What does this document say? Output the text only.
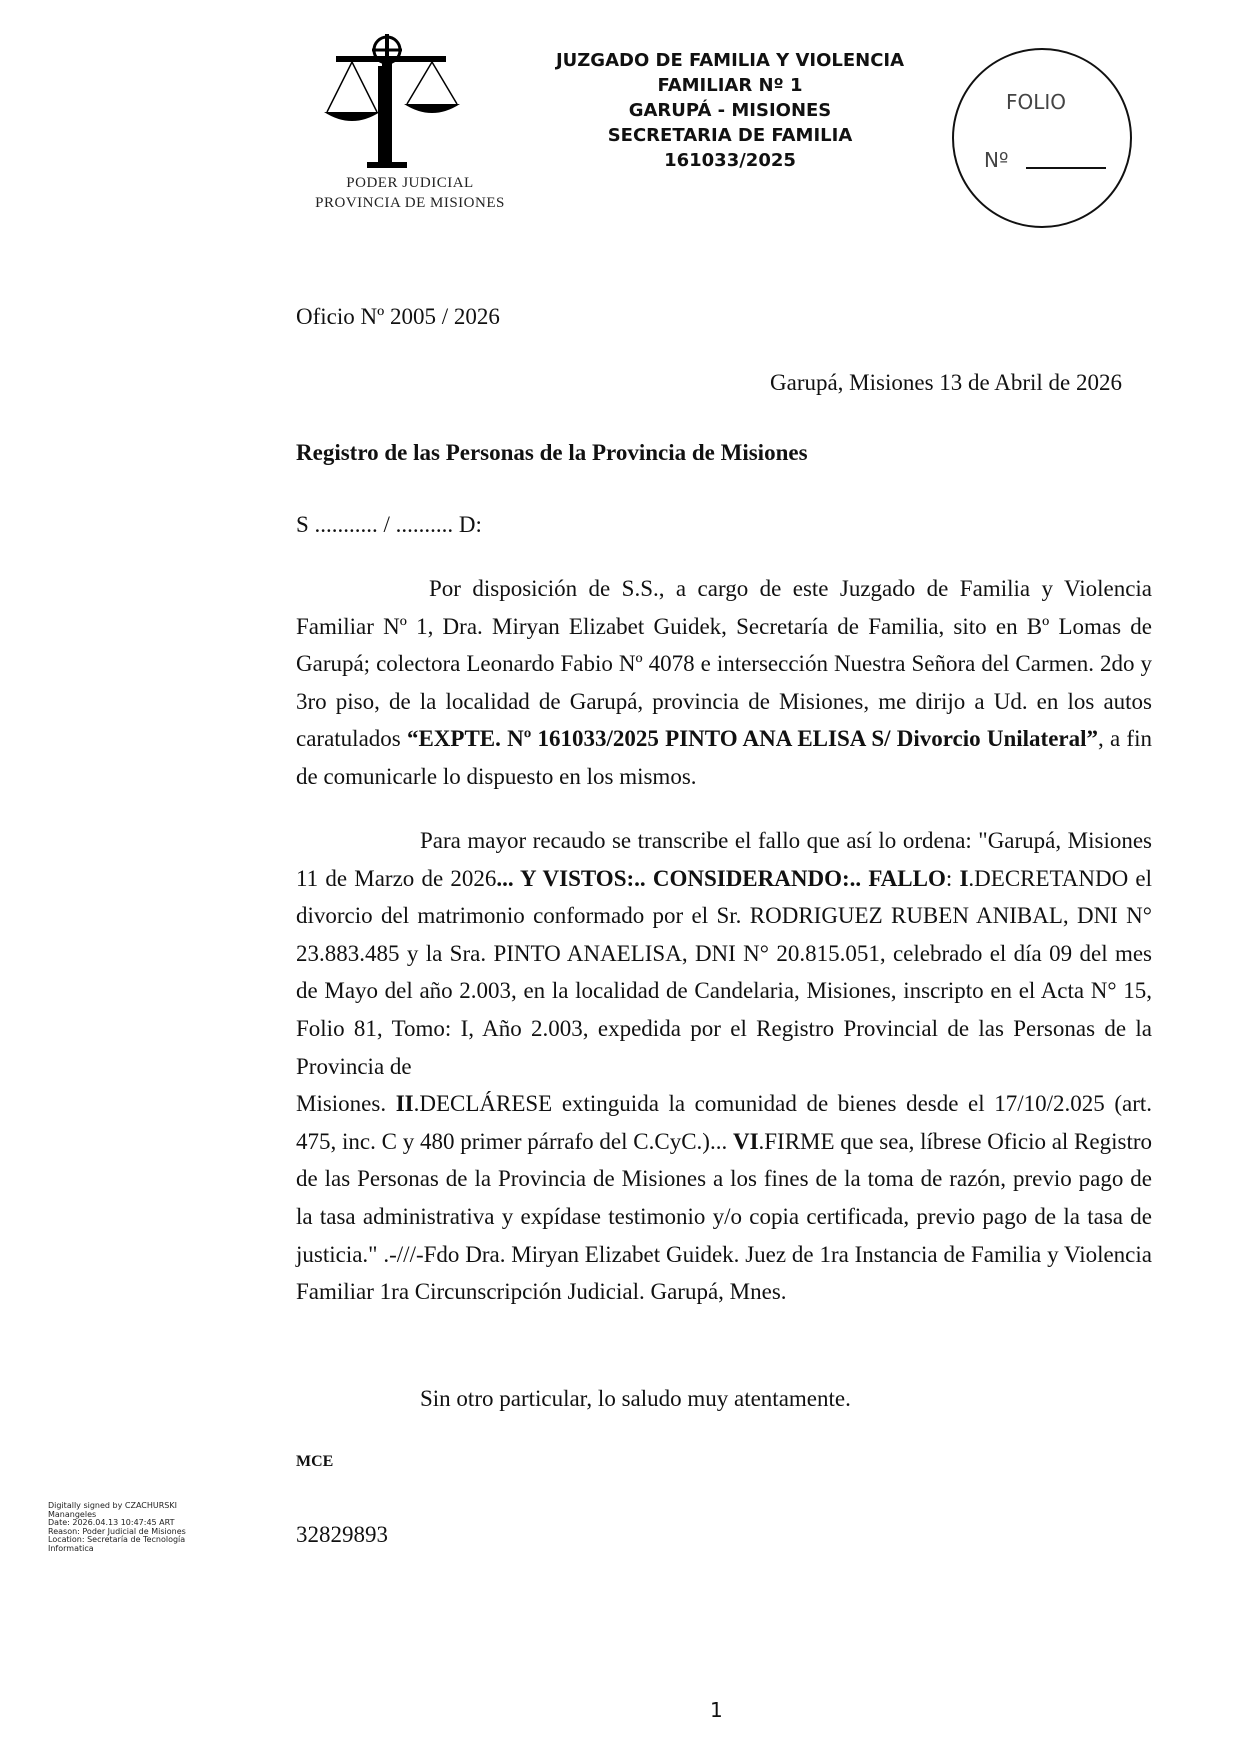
PODER JUDICIAL
PROVINCIA DE MISIONES
JUZGADO DE FAMILIA Y VIOLENCIA
FAMILIAR Nº 1
GARUPÁ - MISIONES
SECRETARIA DE FAMILIA
161033/2025
FOLIO
Nº
Oficio Nº 2005 / 2026
Garupá, Misiones 13 de Abril de 2026
Registro de las Personas de la Provincia de Misiones
S ........... / .......... D:
Por disposición de S.S., a cargo de este Juzgado de Familia y Violencia Familiar Nº 1, Dra. Miryan Elizabet Guidek, Secretaría de Familia, sito en Bº Lomas de Garupá; colectora Leonardo Fabio Nº 4078 e intersección Nuestra Señora del Carmen. 2do y 3ro piso, de la localidad de Garupá, provincia de Misiones, me dirijo a Ud. en los autos caratulados “EXPTE. Nº 161033/2025 PINTO ANA ELISA S/ Divorcio Unilateral”, a fin de comunicarle lo dispuesto en los mismos.
Para mayor recaudo se transcribe el fallo que así lo ordena: "Garupá, Misiones 11 de Marzo de 2026... Y VISTOS:.. CONSIDERANDO:.. FALLO: I.DECRETANDO el divorcio del matrimonio conformado por el Sr. RODRIGUEZ RUBEN ANIBAL, DNI N° 23.883.485 y la Sra. PINTO ANAELISA, DNI N° 20.815.051, celebrado el día 09 del mes de Mayo del año 2.003, en la localidad de Candelaria, Misiones, inscripto en el Acta N° 15, Folio 81, Tomo: I, Año 2.003, expedida por el Registro Provincial de las Personas de la Provincia de
Misiones. II.DECLÁRESE extinguida la comunidad de bienes desde el 17/10/2.025 (art. 475, inc. C y 480 primer párrafo del C.CyC.)... VI.FIRME que sea, líbrese Oficio al Registro de las Personas de la Provincia de Misiones a los fines de la toma de razón, previo pago de la tasa administrativa y expídase testimonio y/o copia certificada, previo pago de la tasa de justicia." .-///-Fdo Dra. Miryan Elizabet Guidek. Juez de 1ra Instancia de Familia y Violencia Familiar 1ra Circunscripción Judicial. Garupá, Mnes.
Sin otro particular, lo saludo muy atentamente.
MCE
32829893
Digitally signed by CZACHURSKI
Manangeles
Date: 2026.04.13 10:47:45 ART
Reason: Poder Judicial de Misiones
Location: Secretaría de Tecnología
Informatica
1
